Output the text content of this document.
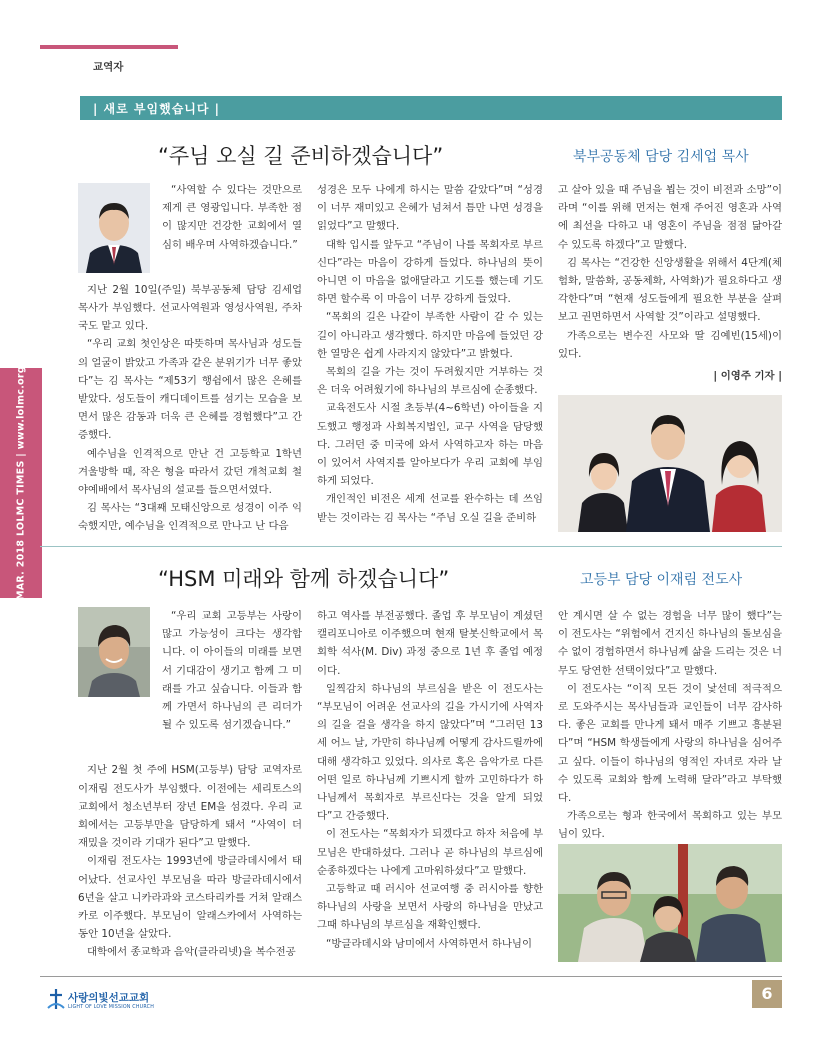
교역자
| 새로 부임했습니다 |
MAR. 2018 LOLMC TIMES | www.lolmc.org
“주님 오실 길 준비하겠습니다”	북부공동체 담당 김세업 목사

“사역할 수 있다는 것만으로 제게 큰 영광입니다. 부족한 점이 많지만 건강한 교회에서 열심히 배우며 사역하겠습니다.”

지난 2월 10일(주일) 북부공동체 담당 김세업 목사가 부임했다. 선교사역원과 영성사역원, 주차국도 맡고 있다.

“우리 교회 첫인상은 따뜻하며 목사님과 성도들의 얼굴이 밝았고 가족과 같은 분위기가 너무 좋았다”는 김 목사는 “제53기 행쉼에서 많은 은혜를 받았다. 성도들이 캐디데이트를 섬기는 모습을 보면서 많은 감동과 더욱 큰 은혜를 경험했다”고 간증했다.

예수님을 인격적으로 만난 건 고등학교 1학년 겨울방학 때, 작은 형을 따라서 갔던 개척교회 철야예배에서 목사님의 설교를 들으면서였다.

김 목사는 “3대째 모태신앙으로 성경이 이주 익숙했지만, 예수님을 인격적으로 만나고 난 다음

성경은 모두 나에게 하시는 말씀 같았다”며 “성경이 너무 재미있고 은혜가 넘쳐서 틈만 나면 성경을 읽었다”고 말했다.

대학 입시를 앞두고 “주님이 나를 목회자로 부르신다”라는 마음이 강하게 들었다. 하나님의 뜻이 아니면 이 마음을 없애달라고 기도를 했는데 기도하면 할수록 이 마음이 너무 강하게 들었다.

“목회의 길은 나같이 부족한 사람이 갈 수 있는 길이 아니라고 생각했다. 하지만 마음에 들었던 강한 열망은 쉽게 사라지지 않았다”고 밝혔다.

목회의 길을 가는 것이 두려웠지만 거부하는 것은 더욱 어려웠기에 하나님의 부르심에 순종했다.

교육전도사 시절 초등부(4~6학년) 아이들을 지도했고 행정과 사회복지법인, 교구 사역을 담당했다. 그러던 중 미국에 와서 사역하고자 하는 마음이 있어서 사역지를 알아보다가 우리 교회에 부임하게 되었다.

개인적인 비전은 세계 선교를 완수하는 데 쓰임받는 것이라는 김 목사는 “주님 오실 길을 준비하

고 살아 있을 때 주님을 뵙는 것이 비전과 소망”이라며 “이를 위해 먼저는 현재 주어진 영혼과 사역에 최선을 다하고 내 영혼이 주님을 점점 닮아갈 수 있도록 하겠다”고 말했다.

김 목사는 “건강한 신앙생활을 위해서 4단계(체험화, 말씀화, 공동체화, 사역화)가 필요하다고 생각한다”며 “현재 성도들에게 필요한 부분을 살펴보고 권면하면서 사역할 것”이라고 설명했다.

가족으로는 변수진 사모와 딸 김예빈(15세)이 있다.

| 이영주 기자 |

“HSM 미래와 함께 하겠습니다”	고등부 담당 이재림 전도사

“우리 교회 고등부는 사랑이 많고 가능성이 크다는 생각합니다. 이 아이들의 미래를 보면서 기대감이 생기고 함께 그 미래를 가고 싶습니다. 이들과 함께 가면서 하나님의 큰 리더가 될 수 있도록 섬기겠습니다.”

지난 2월 첫 주에 HSM(고등부) 담당 교역자로 이재림 전도사가 부임했다. 이전에는 세리토스의 교회에서 청소년부터 장년 EM을 섬겼다. 우리 교회에서는 고등부만을 담당하게 돼서 “사역이 더 재밌을 것이라 기대가 된다”고 말했다.

이재림 전도사는 1993년에 방글라데시에서 태어났다. 선교사인 부모님을 따라 방글라데시에서 6년을 살고 니카라과와 코스타리카를 거쳐 알래스카로 이주했다. 부모님이 알래스카에서 사역하는 동안 10년을 살았다.

대학에서 종교학과 음악(클라리넷)을 복수전공

하고 역사를 부전공했다. 졸업 후 부모님이 계셨던 캘리포니아로 이주했으며 현재 탈봇신학교에서 목회학 석사(M. Div) 과정 중으로 1년 후 졸업 예정이다.

일찍감치 하나님의 부르심을 받은 이 전도사는 “부모님이 어려운 선교사의 길을 가시기에 사역자의 길을 걸을 생각을 하지 않았다”며 “그러던 13세 어느 날, 가만히 하나님께 어떻게 감사드릴까에 대해 생각하고 있었다. 의사로 혹은 음악가로 다른 어떤 일로 하나님께 기쁘시게 할까 고민하다가 하나님께서 목회자로 부르신다는 것을 알게 되었다”고 간증했다.

이 전도사는 “목회자가 되겠다고 하자 처음에 부모님은 반대하셨다. 그러나 곧 하나님의 부르심에 순종하겠다는 나에게 고마워하셨다”고 말했다.

고등학교 때 러시아 선교여행 중 러시아를 향한 하나님의 사랑을 보면서 사랑의 하나님을 만났고 그때 하나님의 부르심을 재확인했다.

“방글라데시와 남미에서 사역하면서 하나님이

안 계시면 살 수 없는 경험을 너무 많이 했다”는 이 전도사는 “위험에서 건지신 하나님의 돌보심을 수 없이 경험하면서 하나님께 삶을 드리는 것은 너무도 당연한 선택이었다”고 말했다.

이 전도사는 “이직 모든 것이 낯선데 적극적으로 도와주시는 목사님들과 교인들이 너무 감사하다. 좋은 교회를 만나게 돼서 매주 기쁘고 흥분된다”며 “HSM 학생들에게 사랑의 하나님을 심어주고 싶다. 이들이 하나님의 영적인 자녀로 자라 날 수 있도록 교회와 함께 노력해 달라”라고 부탁했다.

가족으로는 형과 한국에서 목회하고 있는 부모님이 있다.

사랑의빛선교교회
LIGHT OF LOVE MISSION CHURCH
6
